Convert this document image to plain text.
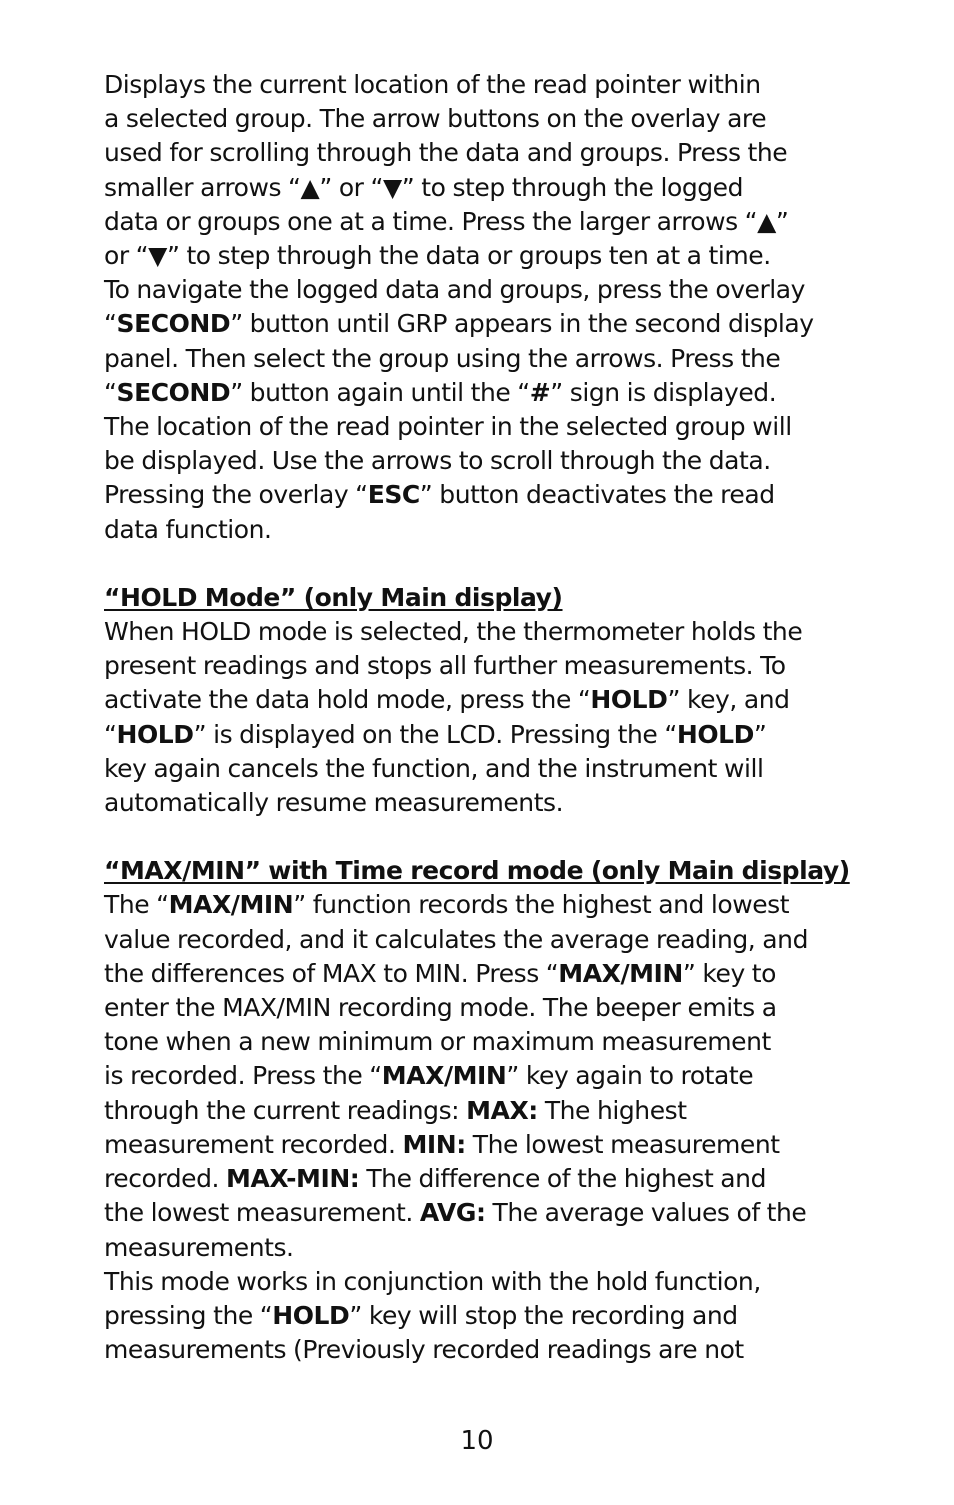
Displays the current location of the read pointer within
a selected group. The arrow buttons on the overlay are
used for scrolling through the data and groups. Press the
smaller arrows “▲” or “▼” to step through the logged
data or groups one at a time. Press the larger arrows “▲”
or “▼” to step through the data or groups ten at a time.
To navigate the logged data and groups, press the overlay
“SECOND” button until GRP appears in the second display
panel. Then select the group using the arrows. Press the
“SECOND” button again until the “#” sign is displayed.
The location of the read pointer in the selected group will
be displayed. Use the arrows to scroll through the data.
Pressing the overlay “ESC” button deactivates the read
data function.
“HOLD Mode” (only Main display)
When HOLD mode is selected, the thermometer holds the
present readings and stops all further measurements. To
activate the data hold mode, press the “HOLD” key, and
“HOLD” is displayed on the LCD. Pressing the “HOLD”
key again cancels the function, and the instrument will
automatically resume measurements.
“MAX/MIN” with Time record mode (only Main display)
The “MAX/MIN” function records the highest and lowest
value recorded, and it calculates the average reading, and
the differences of MAX to MIN. Press “MAX/MIN” key to
enter the MAX/MIN recording mode. The beeper emits a
tone when a new minimum or maximum measurement
is recorded. Press the “MAX/MIN” key again to rotate
through the current readings: MAX: The highest
measurement recorded. MIN: The lowest measurement
recorded. MAX-MIN: The difference of the highest and
the lowest measurement. AVG: The average values of the
measurements.
This mode works in conjunction with the hold function,
pressing the “HOLD” key will stop the recording and
measurements (Previously recorded readings are not
10
